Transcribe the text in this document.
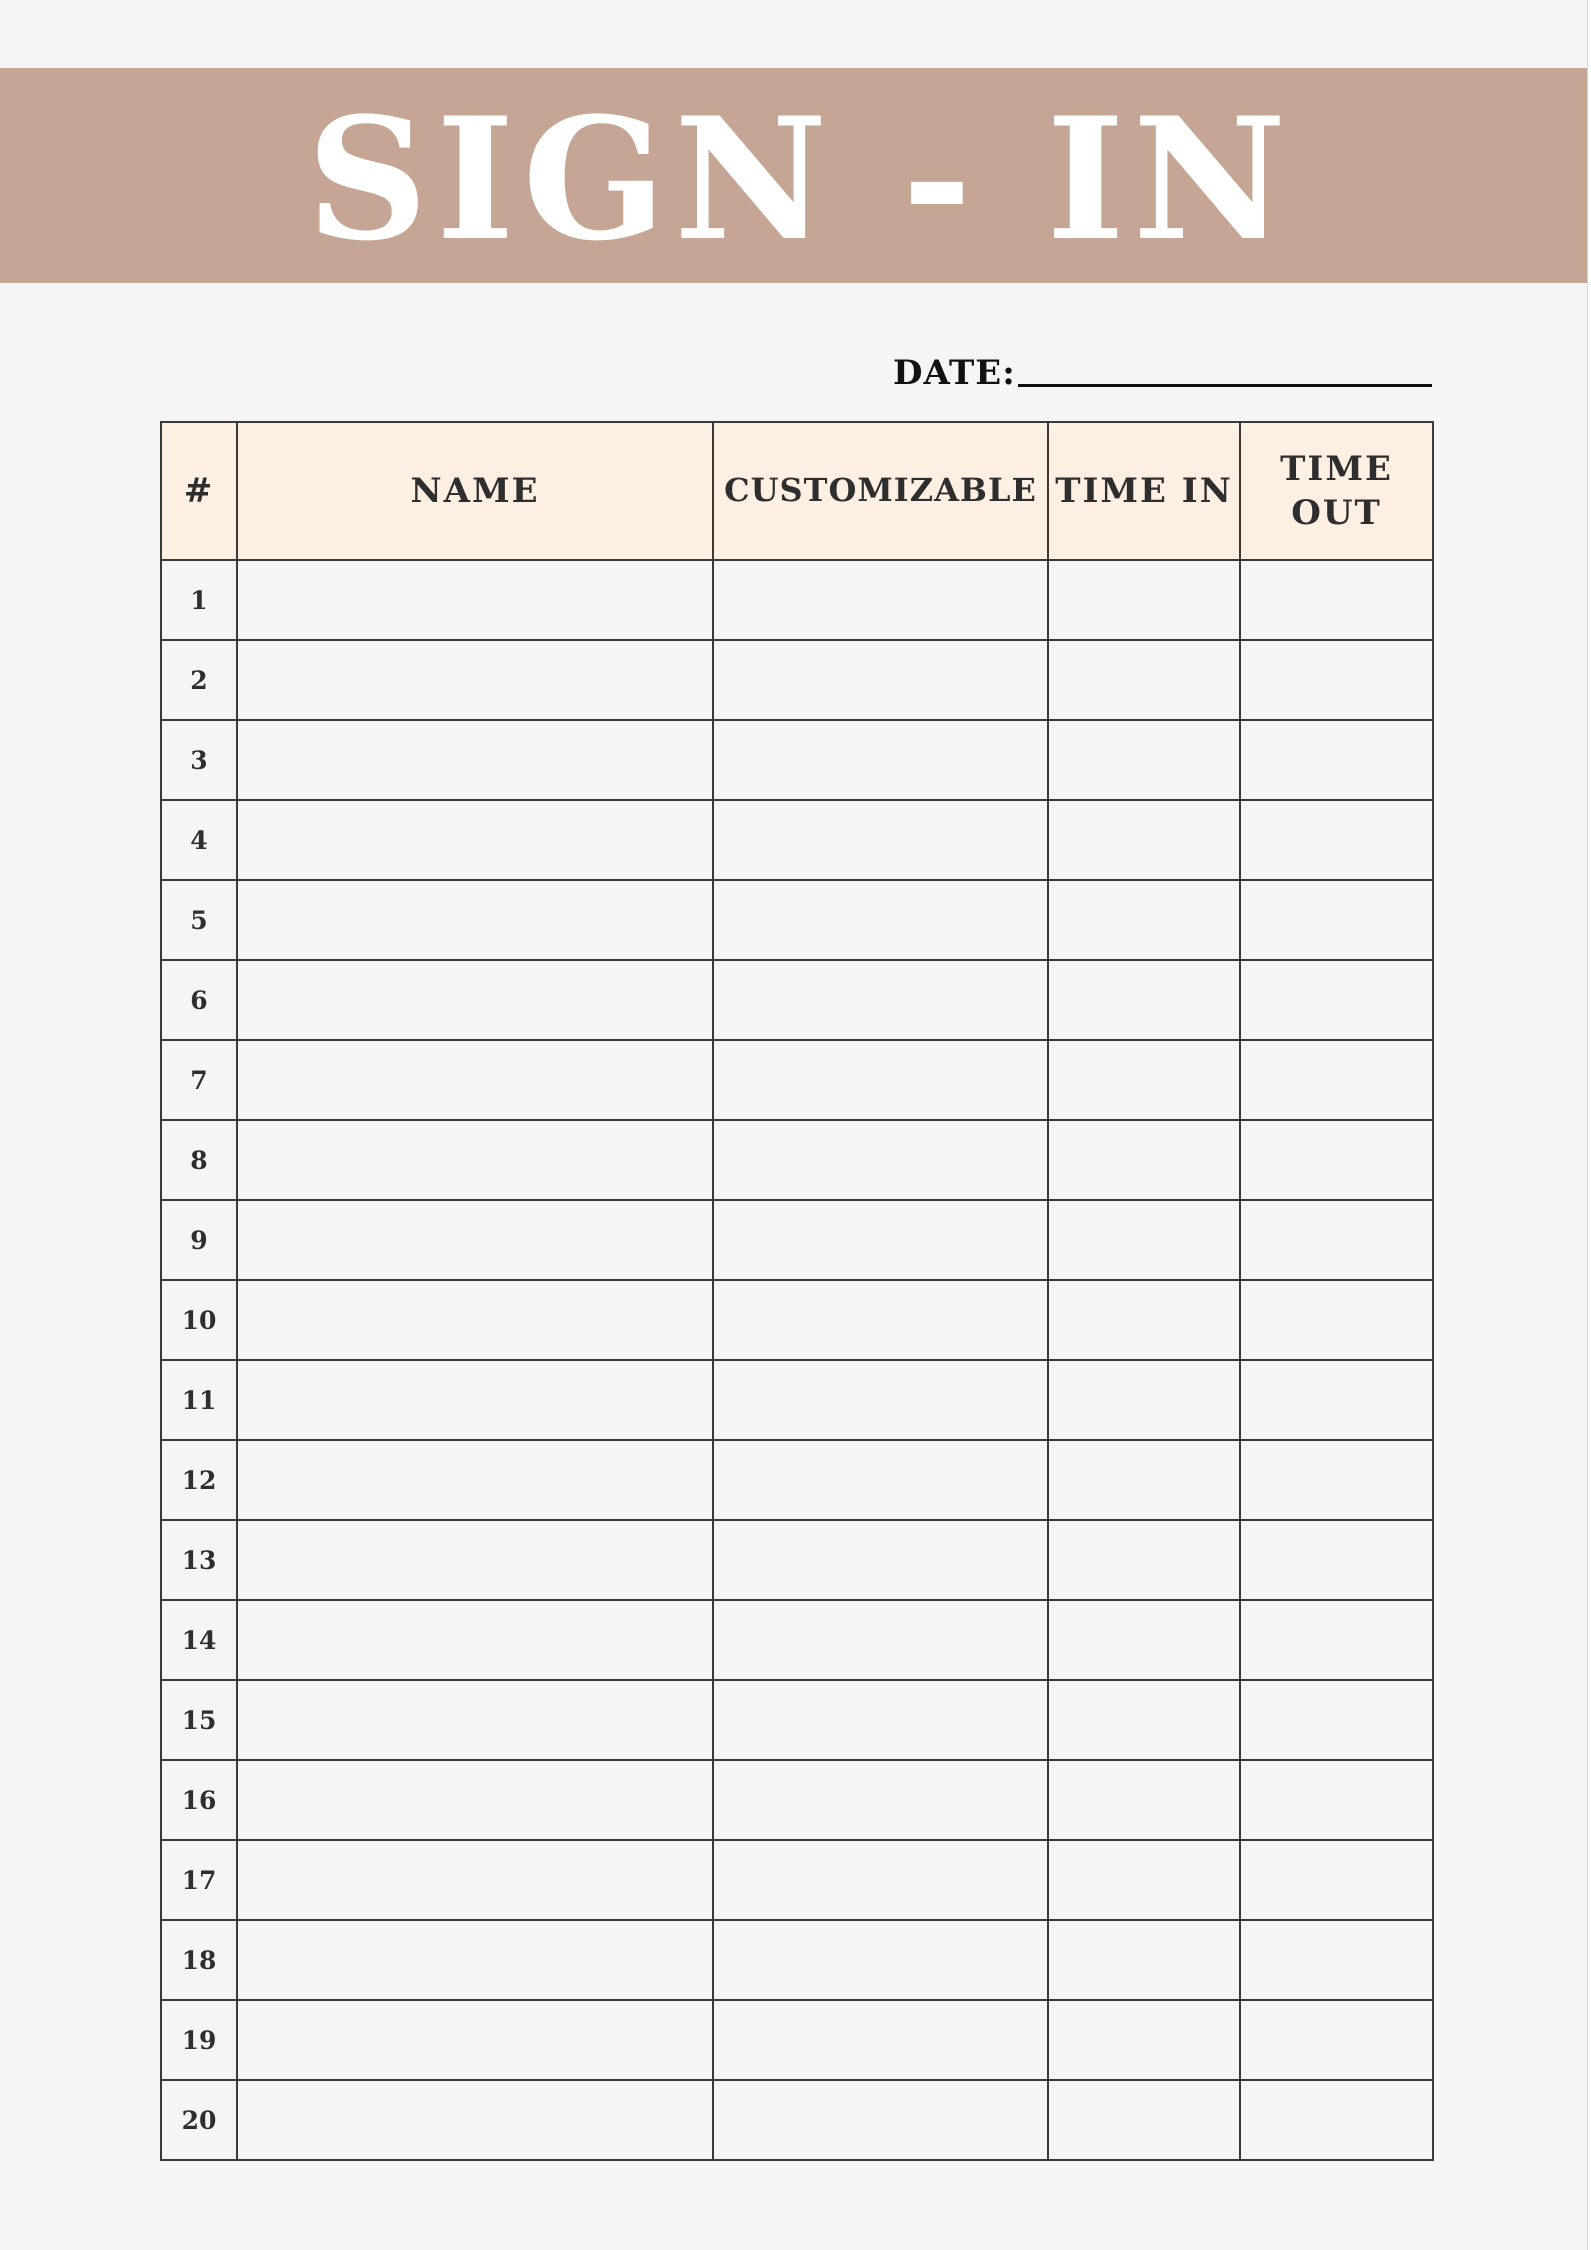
SIGN - IN
DATE:
#	NAME	CUSTOMIZABLE	TIME IN	TIME OUT
1				
2				
3				
4				
5				
6				
7				
8				
9				
10				
11				
12				
13				
14				
15				
16				
17				
18				
19				
20				
